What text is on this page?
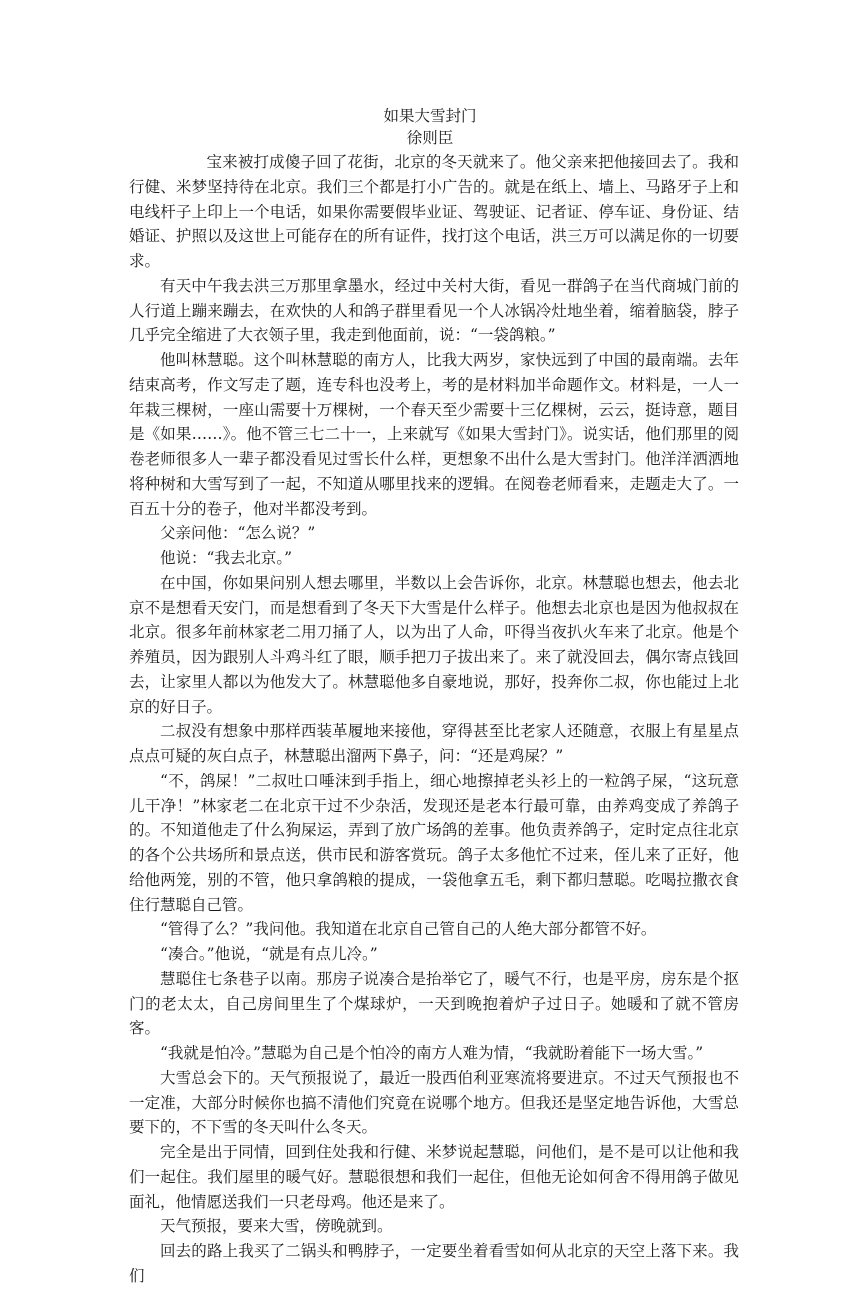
如果大雪封门
徐则臣

宝来被打成傻子回了花街，北京的冬天就来了。他父亲来把他接回去了。我和行健、米梦坚持待在北京。我们三个都是打小广告的。就是在纸上、墙上、马路牙子上和电线杆子上印上一个电话，如果你需要假毕业证、驾驶证、记者证、停车证、身份证、结婚证、护照以及这世上可能存在的所有证件，找打这个电话，洪三万可以满足你的一切要求。

有天中午我去洪三万那里拿墨水，经过中关村大街，看见一群鸽子在当代商城门前的人行道上蹦来蹦去，在欢快的人和鸽子群里看见一个人冰锅冷灶地坐着，缩着脑袋，脖子几乎完全缩进了大衣领子里，我走到他面前，说：“一袋鸽粮。”

他叫林慧聪。这个叫林慧聪的南方人，比我大两岁，家快远到了中国的最南端。去年结束高考，作文写走了题，连专科也没考上，考的是材料加半命题作文。材料是，一人一年栽三棵树，一座山需要十万棵树，一个春天至少需要十三亿棵树，云云，挺诗意，题目是《如果……》。他不管三七二十一，上来就写《如果大雪封门》。说实话，他们那里的阅卷老师很多人一辈子都没看见过雪长什么样，更想象不出什么是大雪封门。他洋洋洒洒地将种树和大雪写到了一起，不知道从哪里找来的逻辑。在阅卷老师看来，走题走大了。一百五十分的卷子，他对半都没考到。

父亲问他：“怎么说？”

他说：“我去北京。”

在中国，你如果问别人想去哪里，半数以上会告诉你，北京。林慧聪也想去，他去北京不是想看天安门，而是想看到了冬天下大雪是什么样子。他想去北京也是因为他叔叔在北京。很多年前林家老二用刀捅了人，以为出了人命，吓得当夜扒火车来了北京。他是个养殖员，因为跟别人斗鸡斗红了眼，顺手把刀子拔出来了。来了就没回去，偶尔寄点钱回去，让家里人都以为他发大了。林慧聪他多自豪地说，那好，投奔你二叔，你也能过上北京的好日子。

二叔没有想象中那样西装革履地来接他，穿得甚至比老家人还随意，衣服上有星星点点点可疑的灰白点子，林慧聪出溜两下鼻子，问：“还是鸡屎？”

“不，鸽屎！”二叔吐口唾沫到手指上，细心地擦掉老头衫上的一粒鸽子屎，“这玩意儿干净！”林家老二在北京干过不少杂活，发现还是老本行最可靠，由养鸡变成了养鸽子的。不知道他走了什么狗屎运，弄到了放广场鸽的差事。他负责养鸽子，定时定点往北京的各个公共场所和景点送，供市民和游客赏玩。鸽子太多他忙不过来，侄儿来了正好，他给他两笼，别的不管，他只拿鸽粮的提成，一袋他拿五毛，剩下都归慧聪。吃喝拉撒衣食住行慧聪自己管。

“管得了么？”我问他。我知道在北京自己管自己的人绝大部分都管不好。

“凑合。”他说，“就是有点儿冷。”

慧聪住七条巷子以南。那房子说凑合是抬举它了，暖气不行，也是平房，房东是个抠门的老太太，自己房间里生了个煤球炉，一天到晚抱着炉子过日子。她暖和了就不管房客。

“我就是怕冷。”慧聪为自己是个怕冷的南方人难为情，“我就盼着能下一场大雪。”

大雪总会下的。天气预报说了，最近一股西伯利亚寒流将要进京。不过天气预报也不一定准，大部分时候你也搞不清他们究竟在说哪个地方。但我还是坚定地告诉他，大雪总要下的，不下雪的冬天叫什么冬天。

完全是出于同情，回到住处我和行健、米梦说起慧聪，问他们，是不是可以让他和我们一起住。我们屋里的暖气好。慧聪很想和我们一起住，但他无论如何舍不得用鸽子做见面礼，他情愿送我们一只老母鸡。他还是来了。

天气预报，要来大雪，傍晚就到。

回去的路上我买了二锅头和鸭脖子，一定要坐着看雪如何从北京的天空上落下来。我们
